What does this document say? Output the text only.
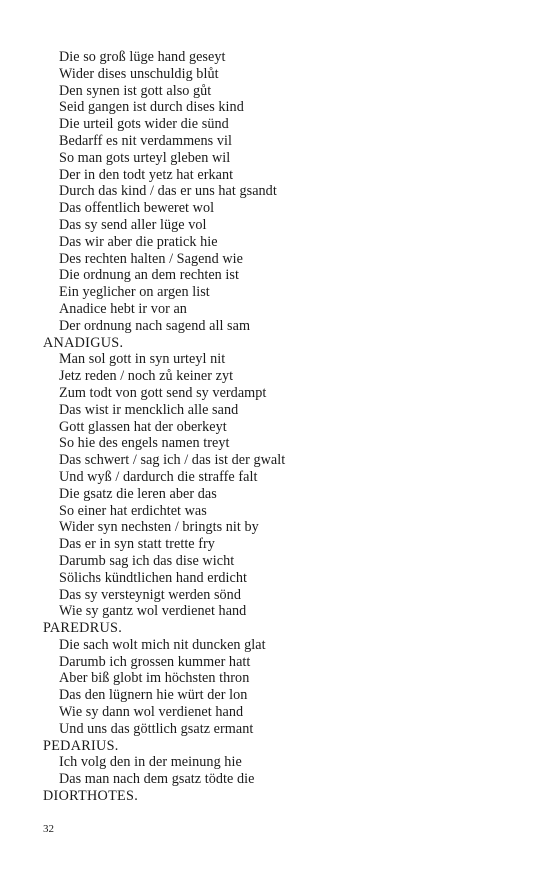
Die so groß lüge hand geseyt
Wider dises unschuldig blůt
Den synen ist gott also gůt
Seid gangen ist durch dises kind
Die urteil gots wider die sünd
Bedarff es nit verdammens vil
So man gots urteyl gleben wil
Der in den todt yetz hat erkant
Durch das kind / das er uns hat gsandt
Das offentlich beweret wol
Das sy send aller lüge vol
Das wir aber die pratick hie
Des rechten halten / Sagend wie
Die ordnung an dem rechten ist
Ein yeglicher on argen list
Anadice hebt ir vor an
Der ordnung nach sagend all sam
ANADIGUS.
Man sol gott in syn urteyl nit
Jetz reden / noch zů keiner zyt
Zum todt von gott send sy verdampt
Das wist ir mencklich alle sand
Gott glassen hat der oberkeyt
So hie des engels namen treyt
Das schwert / sag ich / das ist der gwalt
Und wyß / dardurch die straffe falt
Die gsatz die leren aber das
So einer hat erdichtet was
Wider syn nechsten / bringts nit by
Das er in syn statt trette fry
Darumb sag ich das dise wicht
Sölichs kündtlichen hand erdicht
Das sy versteynigt werden sönd
Wie sy gantz wol verdienet hand
PAREDRUS.
Die sach wolt mich nit duncken glat
Darumb ich grossen kummer hatt
Aber biß globt im höchsten thron
Das den lügnern hie würt der lon
Wie sy dann wol verdienet hand
Und uns das göttlich gsatz ermant
PEDARIUS.
Ich volg den in der meinung hie
Das man nach dem gsatz tödte die
DIORTHOTES.
32
